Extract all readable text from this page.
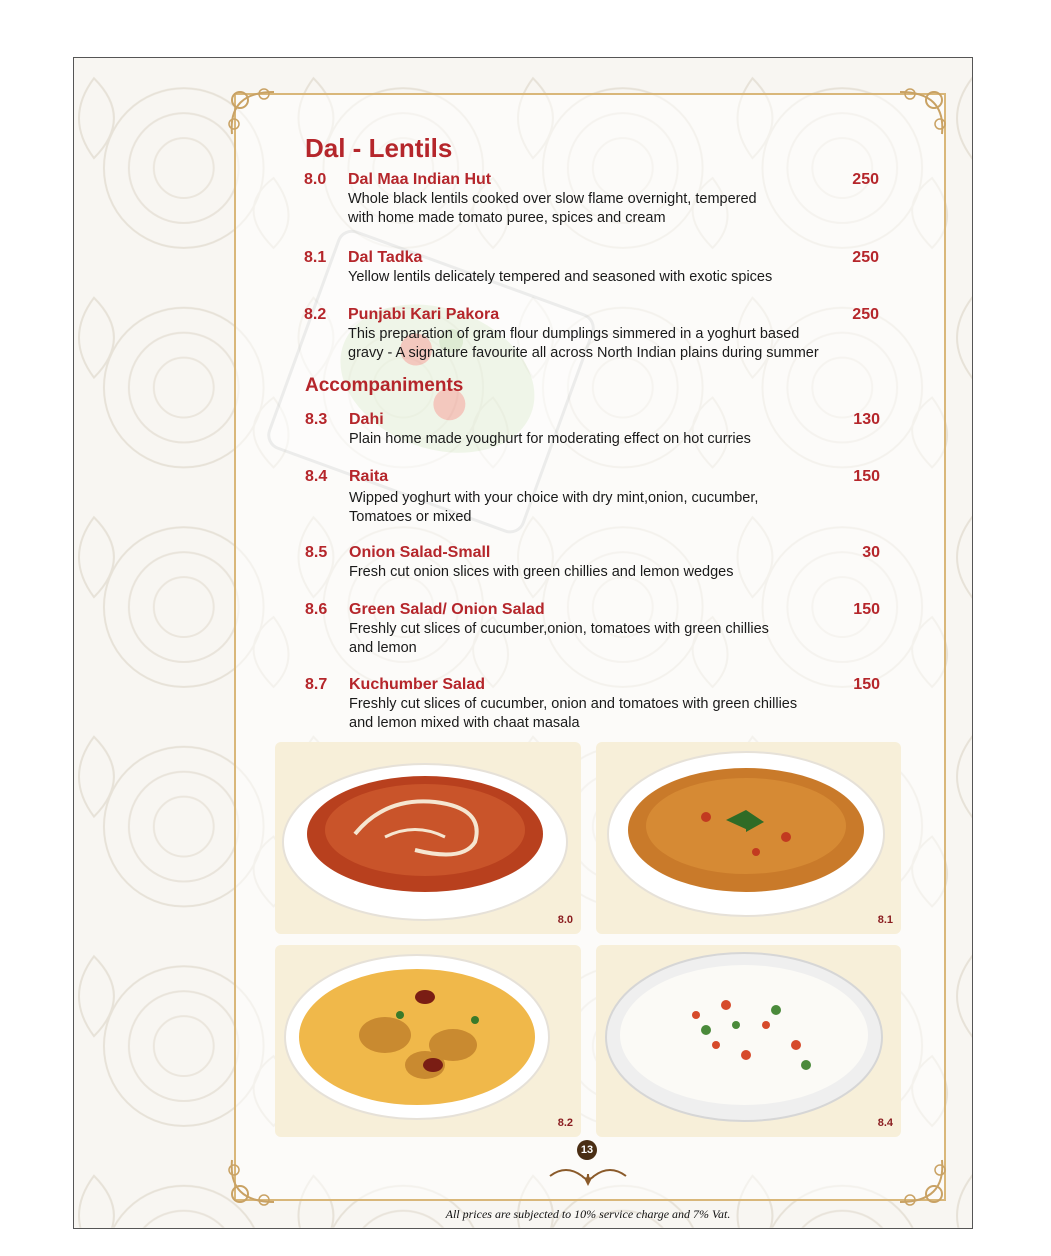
Dal - Lentils
8.0 Dal Maa Indian Hut	250
Whole black lentils cooked over slow flame overnight, tempered
with home made tomato puree, spices and cream
8.1 Dal Tadka	250
Yellow lentils delicately tempered and seasoned with exotic spices
8.2 Punjabi Kari Pakora	250
This preparation of gram flour dumplings simmered in a yoghurt based
gravy - A signature favourite all across North Indian plains during summer
Accompaniments
8.3 Dahi	130
Plain home made youghurt for moderating effect on hot curries
8.4 Raita	150
Wipped yoghurt with your choice with dry mint,onion, cucumber,
Tomatoes or mixed
8.5 Onion Salad-Small	30
Fresh cut onion slices with green chillies and lemon wedges
8.6 Green Salad/ Onion Salad	150
Freshly cut slices of cucumber,onion, tomatoes with green chillies
and lemon
8.7 Kuchumber Salad	150
Freshly cut slices of cucumber, onion and tomatoes with green chillies
and lemon mixed with chaat masala
8.0	8.1
8.2	8.4
13
All prices are subjected to 10% service charge and 7% Vat.
